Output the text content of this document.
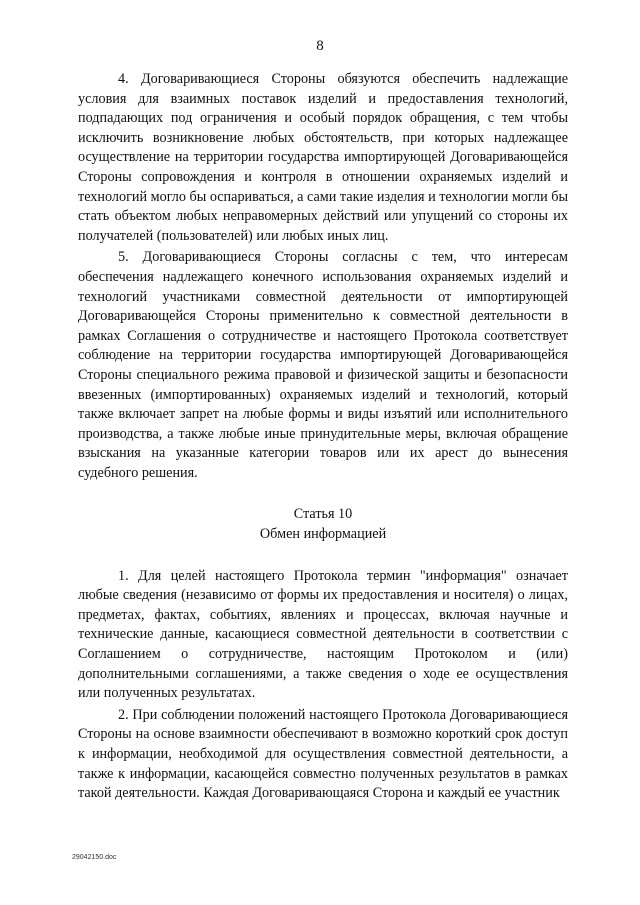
8

4. Договаривающиеся Стороны обязуются обеспечить надлежащие условия для взаимных поставок изделий и предоставления технологий, подпадающих под ограничения и особый порядок обращения, с тем чтобы исключить возникновение любых обстоятельств, при которых надлежащее осуществление на территории государства импортирующей Договаривающейся Стороны сопровождения и контроля в отношении охраняемых изделий и технологий могло бы оспариваться, а сами такие изделия и технологии могли бы стать объектом любых неправомерных действий или упущений со стороны их получателей (пользователей) или любых иных лиц.

5. Договаривающиеся Стороны согласны с тем, что интересам обеспечения надлежащего конечного использования охраняемых изделий и технологий участниками совместной деятельности от импортирующей Договаривающейся Стороны применительно к совместной деятельности в рамках Соглашения о сотрудничестве и настоящего Протокола соответствует соблюдение на территории государства импортирующей Договаривающейся Стороны специального режима правовой и физической защиты и безопасности ввезенных (импортированных) охраняемых изделий и технологий, который также включает запрет на любые формы и виды изъятий или исполнительного производства, а также любые иные принудительные меры, включая обращение взыскания на указанные категории товаров или их арест до вынесения судебного решения.

Статья 10

Обмен информацией

1. Для целей настоящего Протокола термин "информация" означает любые сведения (независимо от формы их предоставления и носителя) о лицах, предметах, фактах, событиях, явлениях и процессах, включая научные и технические данные, касающиеся совместной деятельности в соответствии с Соглашением о сотрудничестве, настоящим Протоколом и (или) дополнительными соглашениями, а также сведения о ходе ее осуществления или полученных результатах.

2. При соблюдении положений настоящего Протокола Договаривающиеся Стороны на основе взаимности обеспечивают в возможно короткий срок доступ к информации, необходимой для осуществления совместной деятельности, а также к информации, касающейся совместно полученных результатов в рамках такой деятельности. Каждая Договаривающаяся Сторона и каждый ее участник

29042150.doc
